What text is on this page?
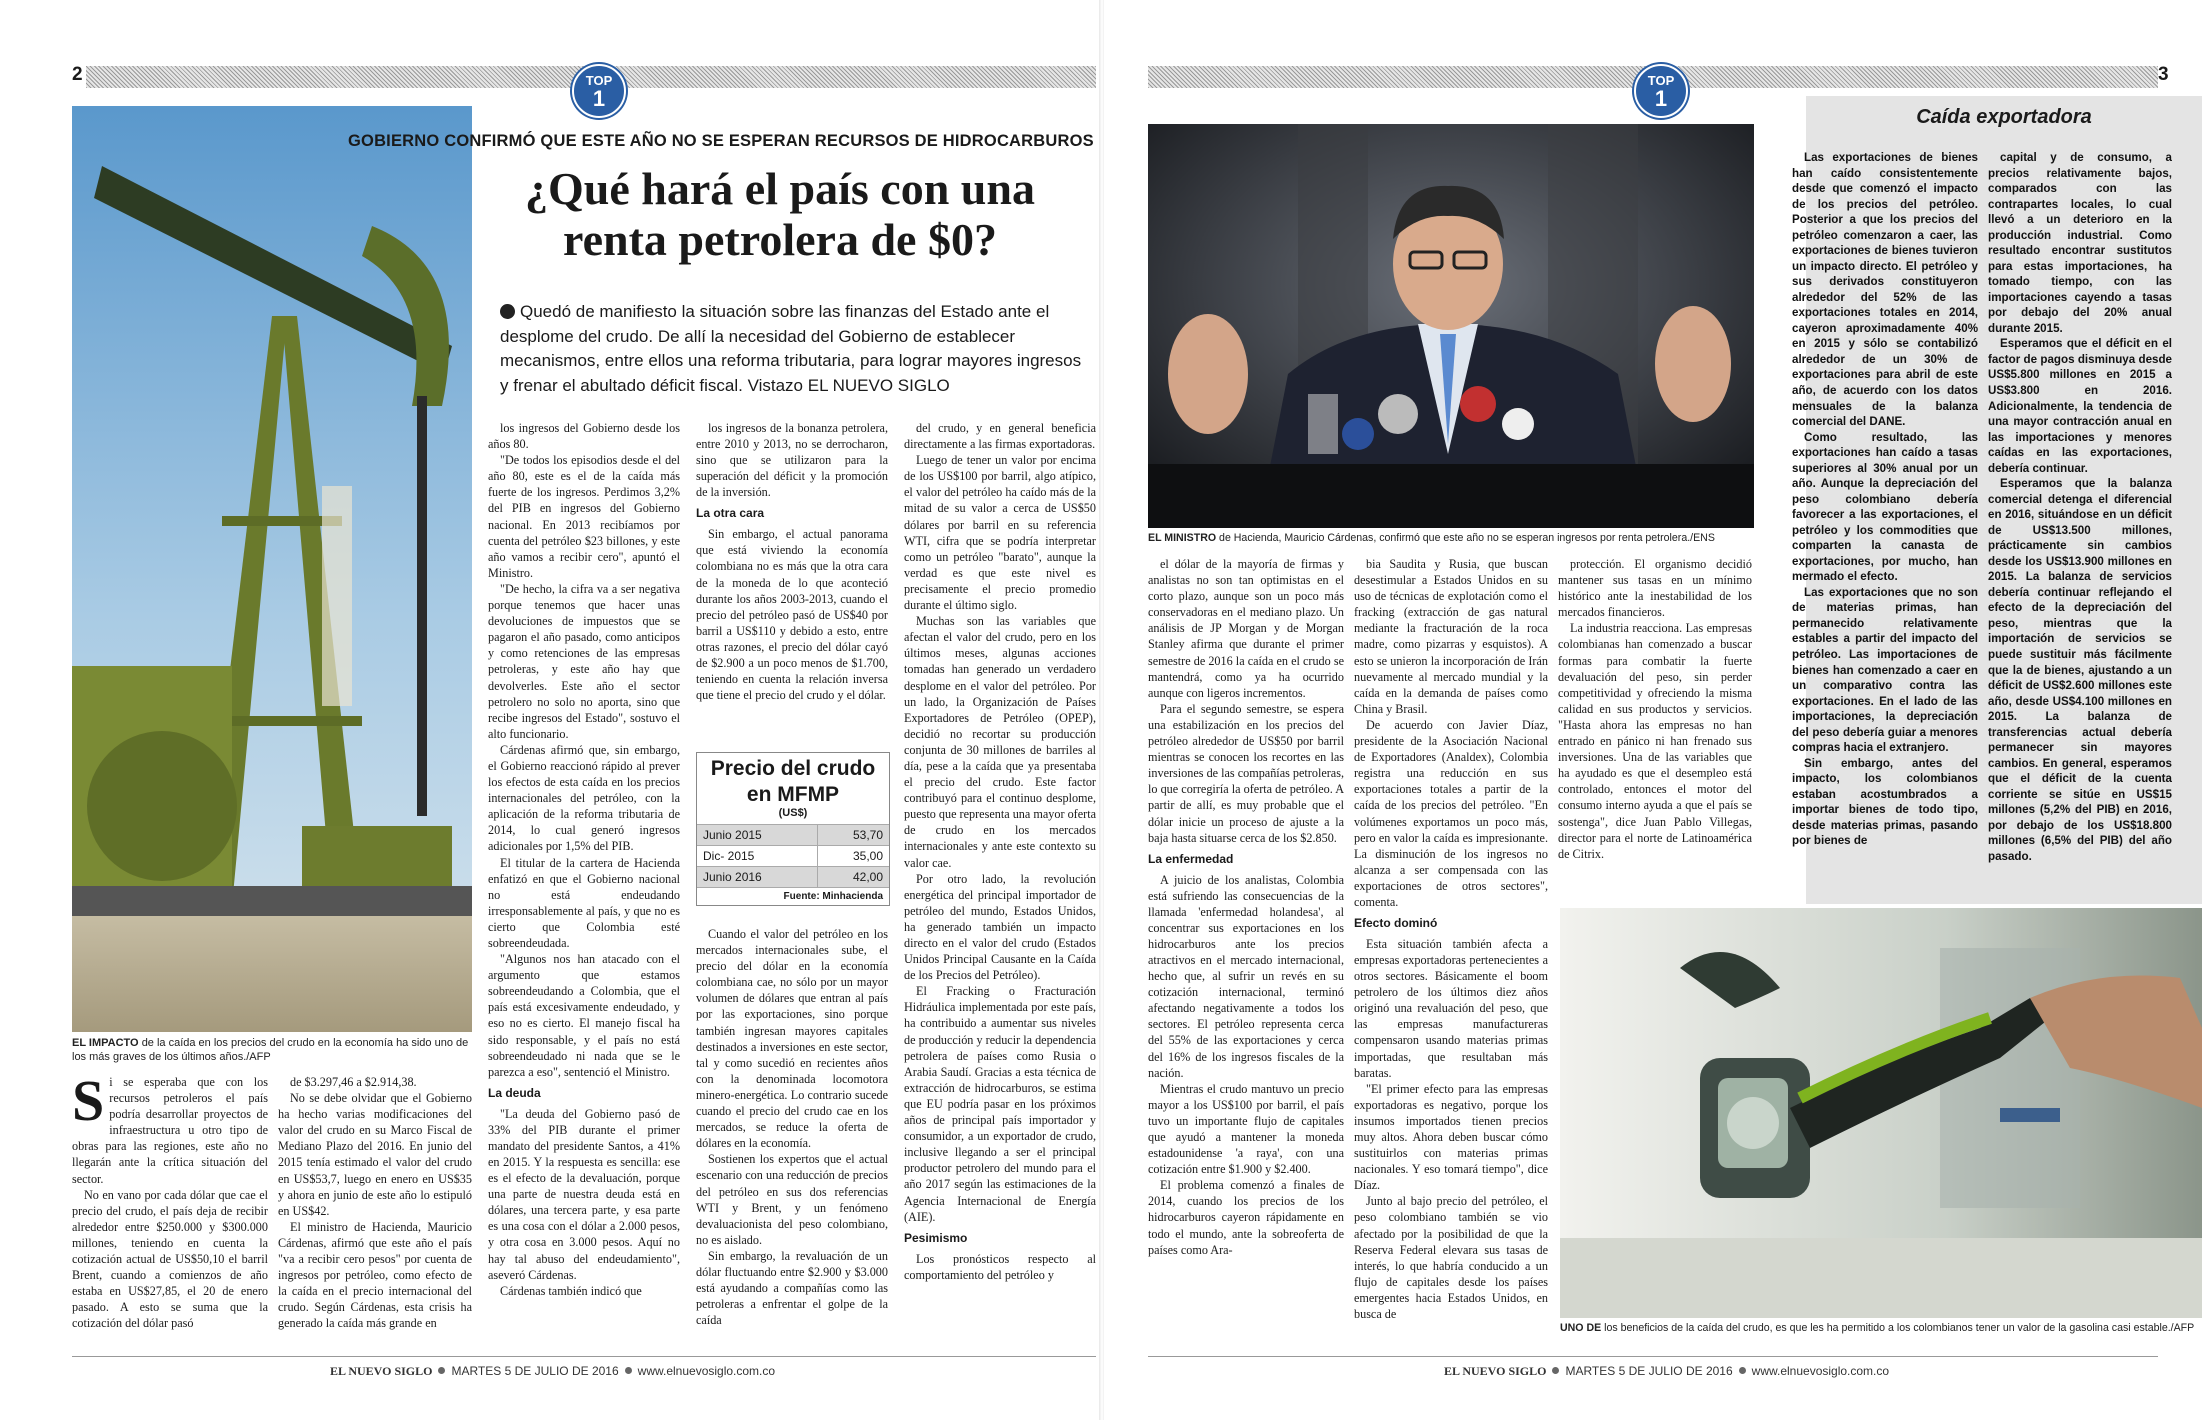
2	TOP
1
EL IMPACTO de la caída en los precios del crudo en la economía ha sido uno de los más graves de los últimos años./AFP
GOBIERNO CONFIRMÓ QUE ESTE AÑO NO SE ESPERAN RECURSOS DE HIDROCARBUROS
¿Qué hará el país con una
renta petrolera de $0?
Quedó de manifiesto la situación sobre las finanzas del Estado ante el desplome del crudo. De allí la necesidad del Gobierno de establecer mecanismos, entre ellos una reforma tributaria, para lograr mayores ingresos y frenar el abultado déficit fiscal. Vistazo EL NUEVO SIGLO

Si se esperaba que con los recursos petroleros el país podría desarrollar proyectos de infraestructura u otro tipo de obras para las regiones, este año no llegarán ante la crítica situación del sector.

No en vano por cada dólar que cae el precio del crudo, el país deja de recibir alrededor entre $250.000 y $300.000 millones, teniendo en cuenta la cotización actual de US$50,10 el barril Brent, cuando a comienzos de año estaba en US$27,85, el 20 de enero pasado. A esto se suma que la cotización del dólar pasó

de $3.297,46 a $2.914,38.

No se debe olvidar que el Gobierno ha hecho varias modificaciones del valor del crudo en su Marco Fiscal de Mediano Plazo del 2016. En junio del 2015 tenía estimado el valor del crudo en US$53,7, luego en enero en US$35 y ahora en junio de este año lo estipuló en US$42.

El ministro de Hacienda, Mauricio Cárdenas, afirmó que este año el país "va a recibir cero pesos" por cuenta de ingresos por petróleo, como efecto de la caída en el precio internacional del crudo. Según Cárdenas, esta crisis ha generado la caída más grande en

los ingresos del Gobierno desde los años 80.

"De todos los episodios desde el del año 80, este es el de la caída más fuerte de los ingresos. Perdimos 3,2% del PIB en ingresos del Gobierno nacional. En 2013 recibíamos por cuenta del petróleo $23 billones, y este año vamos a recibir cero", apuntó el Ministro.

"De hecho, la cifra va a ser negativa porque tenemos que hacer unas devoluciones de impuestos que se pagaron el año pasado, como anticipos y como retenciones de las empresas petroleras, y este año hay que devolverles. Este año el sector petrolero no solo no aporta, sino que recibe ingresos del Estado", sostuvo el alto funcionario.

Cárdenas afirmó que, sin embargo, el Gobierno reaccionó rápido al prever los efectos de esta caída en los precios internacionales del petróleo, con la aplicación de la reforma tributaria de 2014, lo cual generó ingresos adicionales por 1,5% del PIB.

El titular de la cartera de Hacienda enfatizó en que el Gobierno nacional no está endeudando irresponsablemente al país, y que no es cierto que Colombia esté sobreendeudada.

"Algunos nos han atacado con el argumento que estamos sobreendeudando a Colombia, que el país está excesivamente endeudado, y eso no es cierto. El manejo fiscal ha sido responsable, y el país no está sobreendeudado ni nada que se le parezca a eso", sentenció el Ministro.

La deuda

"La deuda del Gobierno pasó de 33% del PIB durante el primer mandato del presidente Santos, a 41% en 2015. Y la respuesta es sencilla: ese es el efecto de la devaluación, porque una parte de nuestra deuda está en dólares, una tercera parte, y esa parte es una cosa con el dólar a 2.000 pesos, y otra cosa en 3.000 pesos. Aquí no hay tal abuso del endeudamiento", aseveró Cárdenas.

Cárdenas también indicó que

los ingresos de la bonanza petrolera, entre 2010 y 2013, no se derrocharon, sino que se utilizaron para la superación del déficit y la promoción de la inversión.

La otra cara

Sin embargo, el actual panorama que está viviendo la economía colombiana no es más que la otra cara de la moneda de lo que aconteció durante los años 2003-2013, cuando el precio del petróleo pasó de US$40 por barril a US$110 y debido a esto, entre otras razones, el precio del dólar cayó de $2.900 a un poco menos de $1.700, teniendo en cuenta la relación inversa que tiene el precio del crudo y el dólar.

Precio del crudo
en MFMP
(US$)
Junio 2015	53,70
Dic- 2015	35,00
Junio 2016	42,00
Fuente: Minhacienda

Cuando el valor del petróleo en los mercados internacionales sube, el precio del dólar en la economía colombiana cae, no sólo por un mayor volumen de dólares que entran al país por las exportaciones, sino porque también ingresan mayores capitales destinados a inversiones en este sector, tal y como sucedió en recientes años con la denominada locomotora minero-energética. Lo contrario sucede cuando el precio del crudo cae en los mercados, se reduce la oferta de dólares en la economía.

Sostienen los expertos que el actual escenario con una reducción de precios del petróleo en sus dos referencias WTI y Brent, y un fenómeno devaluacionista del peso colombiano, no es aislado.

Sin embargo, la revaluación de un dólar fluctuando entre $2.900 y $3.000 está ayudando a compañías como las petroleras a enfrentar el golpe de la caída

del crudo, y en general beneficia directamente a las firmas exportadoras.

Luego de tener un valor por encima de los US$100 por barril, algo atípico, el valor del petróleo ha caído más de la mitad de su valor a cerca de US$50 dólares por barril en su referencia WTI, cifra que se podría interpretar como un petróleo "barato", aunque la verdad es que este nivel es precisamente el precio promedio durante el último siglo.

Muchas son las variables que afectan el valor del crudo, pero en los últimos meses, algunas acciones tomadas han generado un verdadero desplome en el valor del petróleo. Por un lado, la Organización de Países Exportadores de Petróleo (OPEP), decidió no recortar su producción conjunta de 30 millones de barriles al día, pese a la caída que ya presentaba el precio del crudo. Este factor contribuyó para el continuo desplome, puesto que representa una mayor oferta de crudo en los mercados internacionales y ante este contexto su valor cae.

Por otro lado, la revolución energética del principal importador de petróleo del mundo, Estados Unidos, ha generado también un impacto directo en el valor del crudo (Estados Unidos Principal Causante en la Caída de los Precios del Petróleo).

El Fracking o Fracturación Hidráulica implementada por este país, ha contribuido a aumentar sus niveles de producción y reducir la dependencia petrolera de países como Rusia o Arabia Saudí. Gracias a esta técnica de extracción de hidrocarburos, se estima que EU podría pasar en los próximos años de principal país importador y consumidor, a un exportador de crudo, inclusive llegando a ser el principal productor petrolero del mundo para el año 2017 según las estimaciones de la Agencia Internacional de Energía (AIE).

Pesimismo

Los pronósticos respecto al comportamiento del petróleo y

EL NUEVO SIGLO MARTES 5 DE JULIO DE 2016 www.elnuevosiglo.com.co
3
TOP
1
EL MINISTRO de Hacienda, Mauricio Cárdenas, confirmó que este año no se esperan ingresos por renta petrolera./ENS
Caída exportadora

Las exportaciones de bienes han caído consistentemente desde que comenzó el impacto de los precios del petróleo. Posterior a que los precios del petróleo comenzaron a caer, las exportaciones de bienes tuvieron un impacto directo. El petróleo y sus derivados constituyeron alrededor del 52% de las exportaciones totales en 2014, cayeron aproximadamente 40% en 2015 y sólo se contabilizó alrededor de un 30% de exportaciones para abril de este año, de acuerdo con los datos mensuales de la balanza comercial del DANE.

Como resultado, las exportaciones han caído a tasas superiores al 30% anual por un año. Aunque la depreciación del peso colombiano debería favorecer a las exportaciones, el petróleo y los commodities que comparten la canasta de exportaciones, por mucho, han mermado el efecto.

Las exportaciones que no son de materias primas, han permanecido relativamente estables a partir del impacto del petróleo. Las importaciones de bienes han comenzado a caer en un comparativo contra las exportaciones. En el lado de las importaciones, la depreciación del peso debería guiar a menores compras hacia el extranjero.

Sin embargo, antes del impacto, los colombianos estaban acostumbrados a importar bienes de todo tipo, desde materias primas, pasando por bienes de

capital y de consumo, a precios relativamente bajos, comparados con las contrapartes locales, lo cual llevó a un deterioro en la producción industrial. Como resultado encontrar sustitutos para estas importaciones, ha tomado tiempo, con las importaciones cayendo a tasas por debajo del 20% anual durante 2015.

Esperamos que el déficit en el factor de pagos disminuya desde US$5.800 millones en 2015 a US$3.800 en 2016. Adicionalmente, la tendencia de una mayor contracción anual en las importaciones y menores caídas en las exportaciones, debería continuar.

Esperamos que la balanza comercial detenga el diferencial en 2016, situándose en un déficit de US$13.500 millones, prácticamente sin cambios desde los US$13.900 millones en 2015. La balanza de servicios debería continuar reflejando el efecto de la depreciación del peso, mientras que la importación de servicios se puede sustituir más fácilmente que la de bienes, ajustando a un déficit de US$2.600 millones este año, desde US$4.100 millones en 2015. La balanza de transferencias actual debería permanecer sin mayores cambios. En general, esperamos que el déficit de la cuenta corriente se sitúe en US$15 millones (5,2% del PIB) en 2016, por debajo de los US$18.800 millones (6,5% del PIB) del año pasado.

el dólar de la mayoría de firmas y analistas no son tan optimistas en el corto plazo, aunque son un poco más conservadoras en el mediano plazo. Un análisis de JP Morgan y de Morgan Stanley afirma que durante el primer semestre de 2016 la caída en el crudo se mantendrá, como ya ha ocurrido aunque con ligeros incrementos.

Para el segundo semestre, se espera una estabilización en los precios del petróleo alrededor de US$50 por barril mientras se conocen los recortes en las inversiones de las compañías petroleras, lo que corregiría la oferta de petróleo. A partir de allí, es muy probable que el dólar inicie un proceso de ajuste a la baja hasta situarse cerca de los $2.850.

La enfermedad

A juicio de los analistas, Colombia está sufriendo las consecuencias de la llamada 'enfermedad holandesa', al concentrar sus exportaciones en los hidrocarburos ante los precios atractivos en el mercado internacional, hecho que, al sufrir un revés en su cotización internacional, terminó afectando negativamente a todos los sectores. El petróleo representa cerca del 55% de las exportaciones y cerca del 16% de los ingresos fiscales de la nación.

Mientras el crudo mantuvo un precio mayor a los US$100 por barril, el país tuvo un importante flujo de capitales que ayudó a mantener la moneda estadounidense 'a raya', con una cotización entre $1.900 y $2.400.

El problema comenzó a finales de 2014, cuando los precios de los hidrocarburos cayeron rápidamente en todo el mundo, ante la sobreoferta de países como Ara-

bia Saudita y Rusia, que buscan desestimular a Estados Unidos en su uso de técnicas de explotación como el fracking (extracción de gas natural mediante la fracturación de la roca madre, como pizarras y esquistos). A esto se unieron la incorporación de Irán nuevamente al mercado mundial y la caída en la demanda de países como China y Brasil.

De acuerdo con Javier Díaz, presidente de la Asociación Nacional de Exportadores (Analdex), Colombia registra una reducción en sus exportaciones totales a partir de la caída de los precios del petróleo. "En volúmenes exportamos un poco más, pero en valor la caída es impresionante. La disminución de los ingresos no alcanza a ser compensada con las exportaciones de otros sectores", comenta.

Efecto dominó

Esta situación también afecta a empresas exportadoras pertenecientes a otros sectores. Básicamente el boom petrolero de los últimos diez años originó una revaluación del peso, que las empresas manufactureras compensaron usando materias primas importadas, que resultaban más baratas.

"El primer efecto para las empresas exportadoras es negativo, porque los insumos importados tienen precios muy altos. Ahora deben buscar cómo sustituirlos con materias primas nacionales. Y eso tomará tiempo", dice Díaz.

Junto al bajo precio del petróleo, el peso colombiano también se vio afectado por la posibilidad de que la Reserva Federal elevara sus tasas de interés, lo que habría conducido a un flujo de capitales desde los países emergentes hacia Estados Unidos, en busca de

protección. El organismo decidió mantener sus tasas en un mínimo histórico ante la inestabilidad de los mercados financieros.

La industria reacciona. Las empresas colombianas han comenzado a buscar formas para combatir la fuerte devaluación del peso, sin perder competitividad y ofreciendo la misma calidad en sus productos y servicios. "Hasta ahora las empresas no han entrado en pánico ni han frenado sus inversiones. Una de las variables que ha ayudado es que el desempleo está controlado, entonces el motor del consumo interno ayuda a que el país se sostenga", dice Juan Pablo Villegas, director para el norte de Latinoamérica de Citrix.

UNO DE los beneficios de la caída del crudo, es que les ha permitido a los colombianos tener un valor de la gasolina casi estable./AFP
EL NUEVO SIGLO MARTES 5 DE JULIO DE 2016 www.elnuevosiglo.com.co
